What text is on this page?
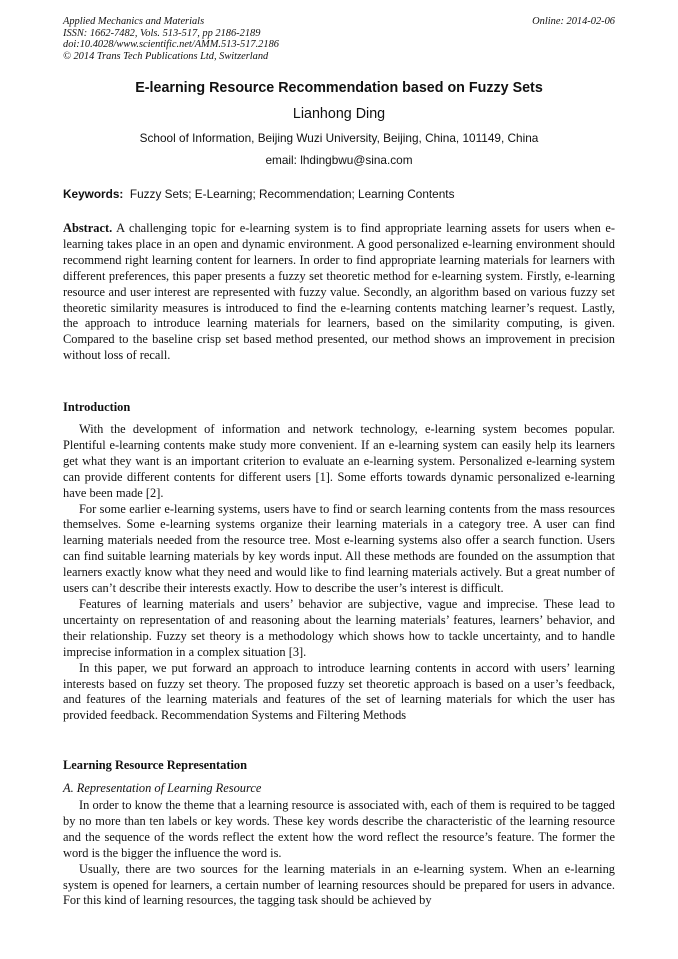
Applied Mechanics and Materials
ISSN: 1662-7482, Vols. 513-517, pp 2186-2189
doi:10.4028/www.scientific.net/AMM.513-517.2186
© 2014 Trans Tech Publications Ltd, Switzerland
Online: 2014-02-06
E-learning Resource Recommendation based on Fuzzy Sets
Lianhong Ding
School of Information, Beijing Wuzi University, Beijing, China, 101149, China
email: lhdingbwu@sina.com
Keywords: Fuzzy Sets; E-Learning; Recommendation; Learning Contents

Abstract. A challenging topic for e-learning system is to find appropriate learning assets for users when e-learning takes place in an open and dynamic environment. A good personalized e-learning environment should recommend right learning content for learners. In order to find appropriate learning materials for learners with different preferences, this paper presents a fuzzy set theoretic method for e-learning system. Firstly, e-learning resource and user interest are represented with fuzzy value. Secondly, an algorithm based on various fuzzy set theoretic similarity measures is introduced to find the e-learning contents matching learner’s request. Lastly, the approach to introduce learning materials for learners, based on the similarity computing, is given. Compared to the baseline crisp set based method presented, our method shows an improvement in precision without loss of recall.

Introduction

With the development of information and network technology, e-learning system becomes popular. Plentiful e-learning contents make study more convenient. If an e-learning system can easily help its learners get what they want is an important criterion to evaluate an e-learning system. Personalized e-learning system can provide different contents for different users [1]. Some efforts towards dynamic personalized e-learning have been made [2].

For some earlier e-learning systems, users have to find or search learning contents from the mass resources themselves. Some e-learning systems organize their learning materials in a category tree. A user can find learning materials needed from the resource tree. Most e-learning systems also offer a search function. Users can find suitable learning materials by key words input. All these methods are founded on the assumption that learners exactly know what they need and would like to find learning materials actively. But a great number of users can’t describe their interests exactly. How to describe the user’s interest is difficult.

Features of learning materials and users’ behavior are subjective, vague and imprecise. These lead to uncertainty on representation of and reasoning about the learning materials’ features, learners’ behavior, and their relationship. Fuzzy set theory is a methodology which shows how to tackle uncertainty, and to handle imprecise information in a complex situation [3].

In this paper, we put forward an approach to introduce learning contents in accord with users’ learning interests based on fuzzy set theory. The proposed fuzzy set theoretic approach is based on a user’s feedback, and features of the learning materials and features of the set of learning materials for which the user has provided feedback. Recommendation Systems and Filtering Methods

Learning Resource Representation
A. Representation of Learning Resource

In order to know the theme that a learning resource is associated with, each of them is required to be tagged by no more than ten labels or key words. These key words describe the characteristic of the learning resource and the sequence of the words reflect the extent how the word reflect the resource’s feature. The former the word is the bigger the influence the word is.

Usually, there are two sources for the learning materials in an e-learning system. When an e-learning system is opened for learners, a certain number of learning resources should be prepared for users in advance. For this kind of learning resources, the tagging task should be achieved by
